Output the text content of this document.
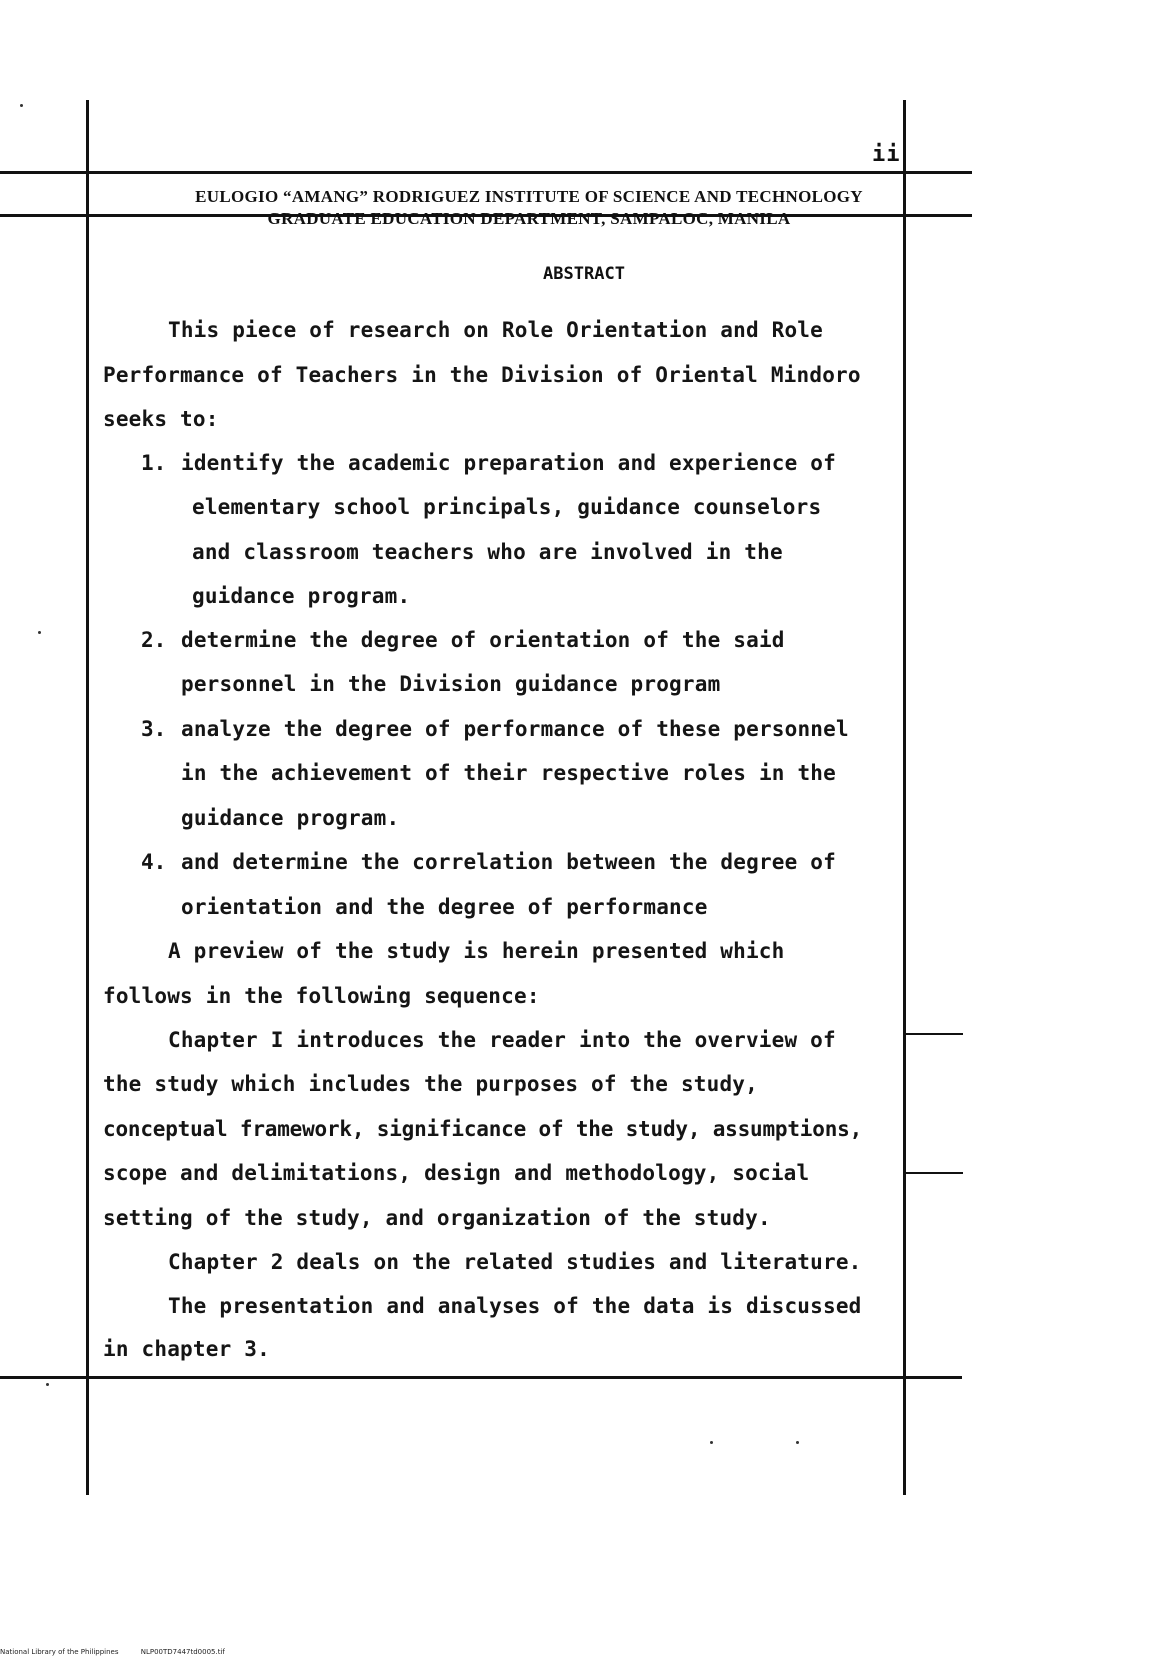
ii
EULOGIO “AMANG” RODRIGUEZ INSTITUTE OF SCIENCE AND TECHNOLOGY
GRADUATE EDUCATION DEPARTMENT, SAMPALOC, MANILA
ABSTRACT
This piece of research on Role Orientation and Role
Performance of Teachers in the Division of Oriental Mindoro
seeks to:
1. identify the academic preparation and experience of
elementary school principals, guidance counselors
and classroom teachers who are involved in the
guidance program.
2. determine the degree of orientation of the said
personnel in the Division guidance program
3. analyze the degree of performance of these personnel
in the achievement of their respective roles in the
guidance program.
4. and determine the correlation between the degree of
orientation and the degree of performance
A preview of the study is herein presented which
follows in the following sequence:
Chapter I introduces the reader into the overview of
the study which includes the purposes of the study,
conceptual framework, significance of the study, assumptions,
scope and delimitations, design and methodology, social
setting of the study, and organization of the study.
Chapter 2 deals on the related studies and literature.
The presentation and analyses of the data is discussed
in chapter 3.
National Library of the Philippines	NLP00TD7447td0005.tif
